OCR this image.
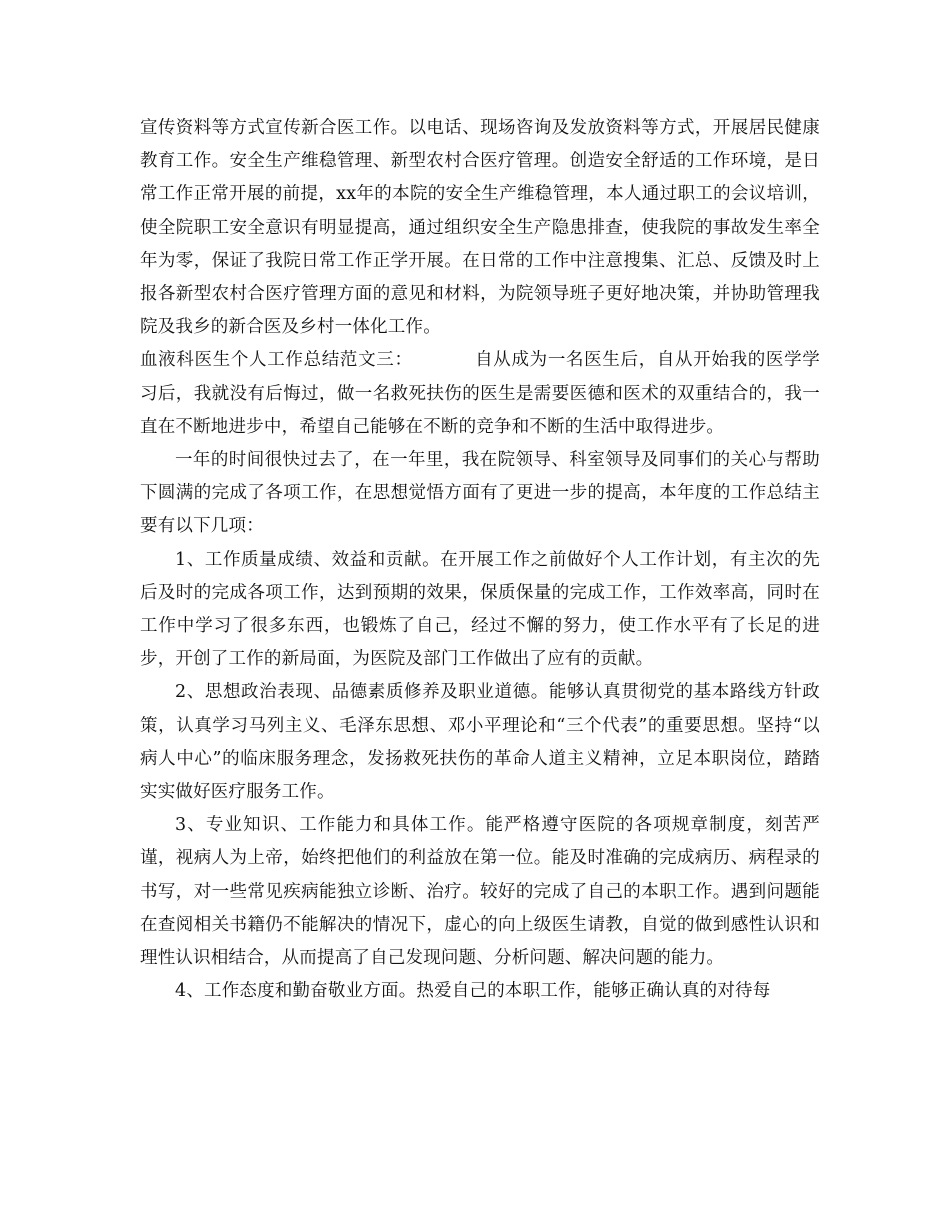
宣传资料等方式宣传新合医工作。以电话、现场咨询及发放资料等方式，开展居民健康教育工作。安全生产维稳管理、新型农村合医疗管理。创造安全舒适的工作环境，是日常工作正常开展的前提，xx年的本院的安全生产维稳管理，本人通过职工的会议培训，使全院职工安全意识有明显提高，通过组织安全生产隐患排查，使我院的事故发生率全年为零，保证了我院日常工作正学开展。在日常的工作中注意搜集、汇总、反馈及时上报各新型农村合医疗管理方面的意见和材料，为院领导班子更好地决策，并协助管理我院及我乡的新合医及乡村一体化工作。

血液科医生个人工作总结范文三：	自从成为一名医生后，自从开始我的医学学习后，我就没有后悔过，做一名救死扶伤的医生是需要医德和医术的双重结合的，我一直在不断地进步中，希望自己能够在不断的竞争和不断的生活中取得进步。

一年的时间很快过去了，在一年里，我在院领导、科室领导及同事们的关心与帮助下圆满的完成了各项工作，在思想觉悟方面有了更进一步的提高，本年度的工作总结主要有以下几项：

1、工作质量成绩、效益和贡献。在开展工作之前做好个人工作计划，有主次的先后及时的完成各项工作，达到预期的效果，保质保量的完成工作，工作效率高，同时在工作中学习了很多东西，也锻炼了自己，经过不懈的努力，使工作水平有了长足的进步，开创了工作的新局面，为医院及部门工作做出了应有的贡献。

2、思想政治表现、品德素质修养及职业道德。能够认真贯彻党的基本路线方针政策，认真学习马列主义、毛泽东思想、邓小平理论和“三个代表”的重要思想。坚持“以病人中心”的临床服务理念，发扬救死扶伤的革命人道主义精神，立足本职岗位，踏踏实实做好医疗服务工作。

3、专业知识、工作能力和具体工作。能严格遵守医院的各项规章制度，刻苦严谨，视病人为上帝，始终把他们的利益放在第一位。能及时准确的完成病历、病程录的书写，对一些常见疾病能独立诊断、治疗。较好的完成了自己的本职工作。遇到问题能在查阅相关书籍仍不能解决的情况下，虚心的向上级医生请教，自觉的做到感性认识和理性认识相结合，从而提高了自己发现问题、分析问题、解决问题的能力。

4、工作态度和勤奋敬业方面。热爱自己的本职工作，能够正确认真的对待每
